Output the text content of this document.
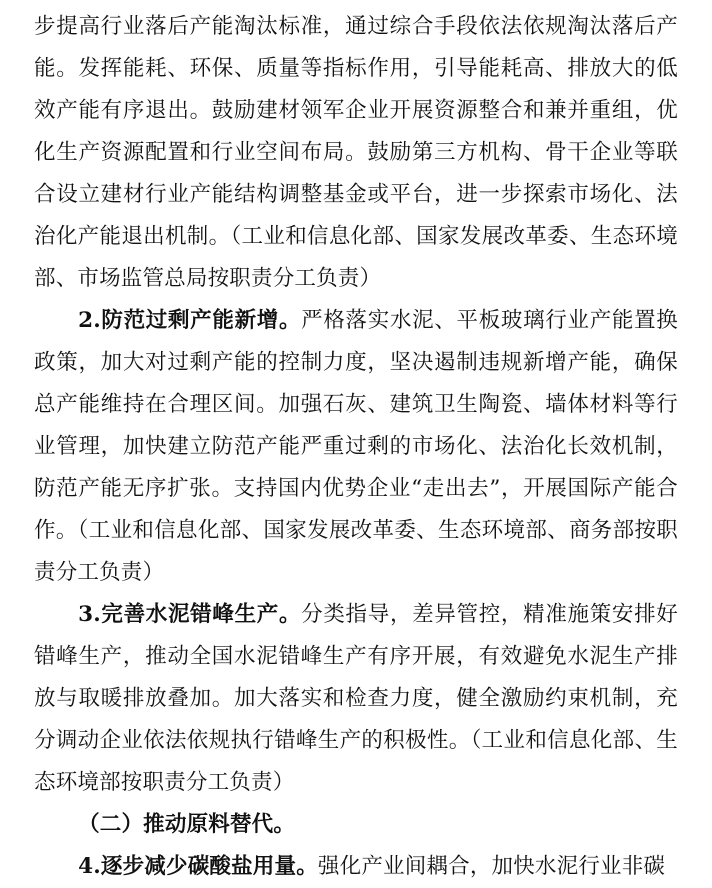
步提高行业落后产能淘汰标准，通过综合手段依法依规淘汰落后产能。发挥能耗、环保、质量等指标作用，引导能耗高、排放大的低效产能有序退出。鼓励建材领军企业开展资源整合和兼并重组，优化生产资源配置和行业空间布局。鼓励第三方机构、骨干企业等联合设立建材行业产能结构调整基金或平台，进一步探索市场化、法治化产能退出机制。（工业和信息化部、国家发展改革委、生态环境部、市场监管总局按职责分工负责）

2.防范过剩产能新增。严格落实水泥、平板玻璃行业产能置换政策，加大对过剩产能的控制力度，坚决遏制违规新增产能，确保总产能维持在合理区间。加强石灰、建筑卫生陶瓷、墙体材料等行业管理，加快建立防范产能严重过剩的市场化、法治化长效机制，防范产能无序扩张。支持国内优势企业“走出去”，开展国际产能合作。（工业和信息化部、国家发展改革委、生态环境部、商务部按职责分工负责）

3.完善水泥错峰生产。分类指导，差异管控，精准施策安排好错峰生产，推动全国水泥错峰生产有序开展，有效避免水泥生产排放与取暖排放叠加。加大落实和检查力度，健全激励约束机制，充分调动企业依法依规执行错峰生产的积极性。（工业和信息化部、生态环境部按职责分工负责）

（二）推动原料替代。

4.逐步减少碳酸盐用量。强化产业间耦合，加快水泥行业非碳
